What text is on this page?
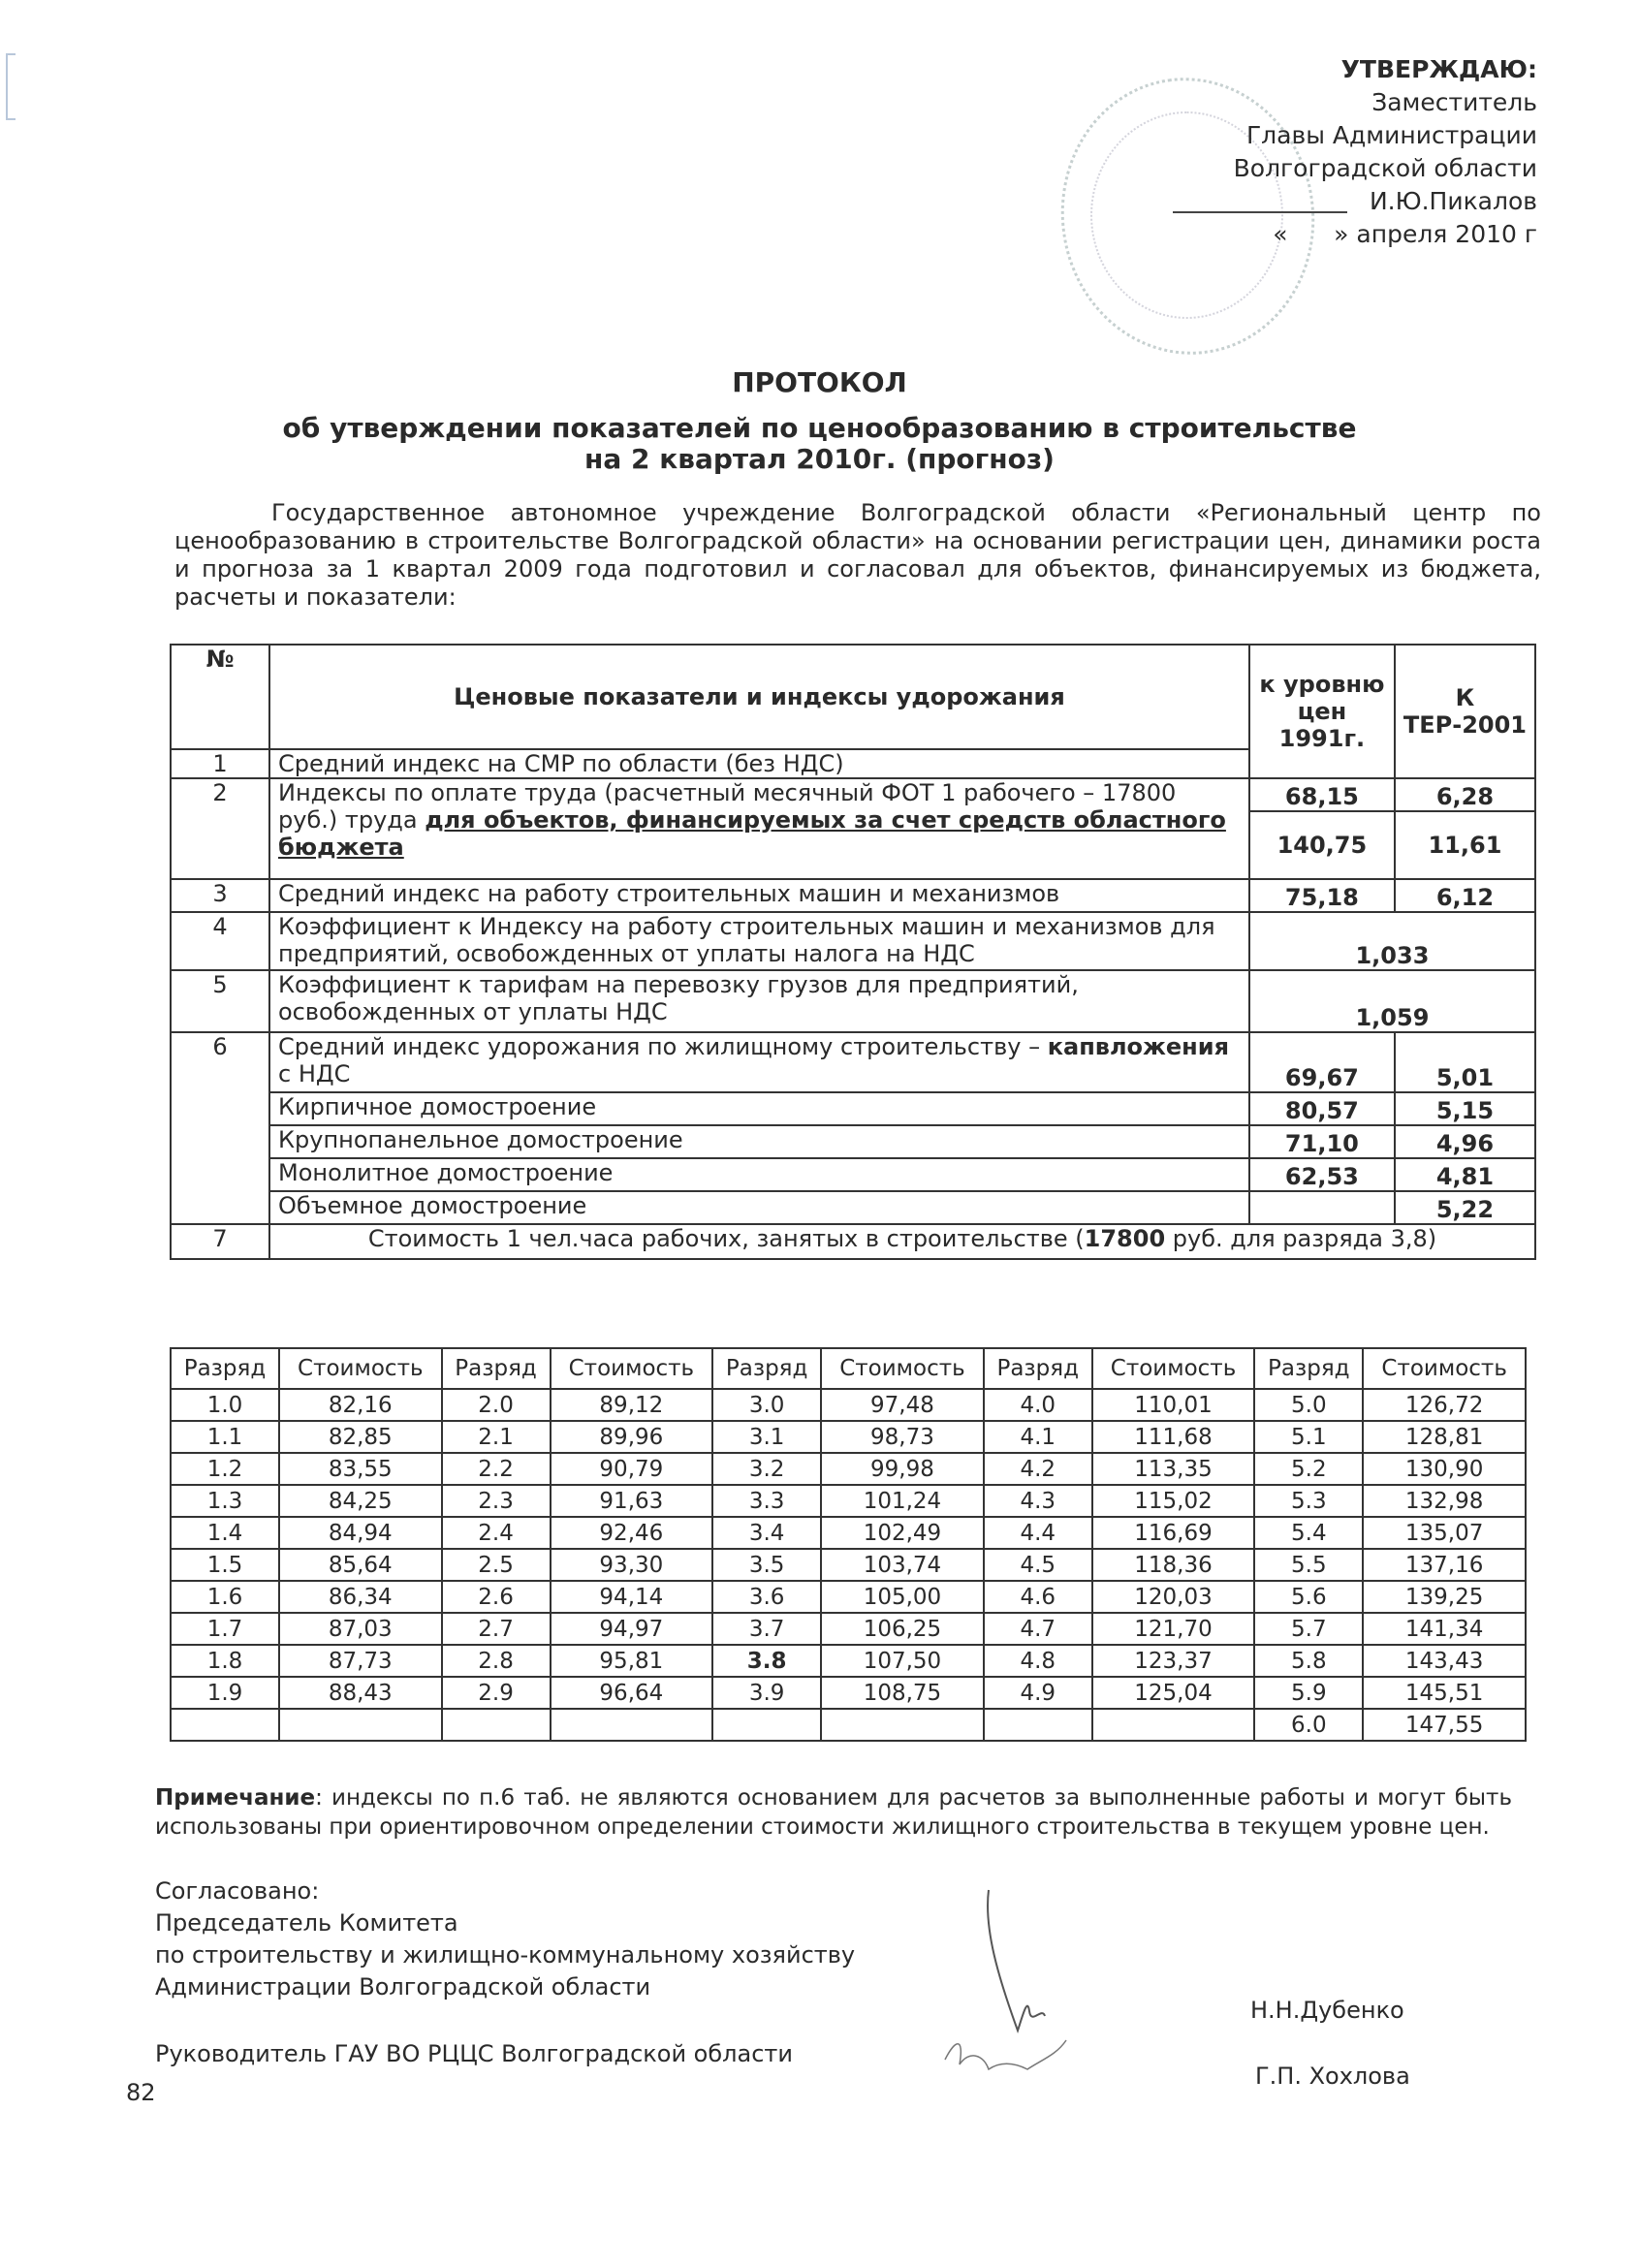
УТВЕРЖДАЮ:
Заместитель
Главы Администрации
Волгоградской области
И.Ю.Пикалов
«      » апреля 2010 г
ПРОТОКОЛ
об утверждении показателей по ценообразованию в строительстве
на 2 квартал 2010г. (прогноз)

Государственное автономное учреждение Волгоградской области «Региональный центр по ценообразованию в строительстве Волгоградской области» на основании регистрации цен, динамики роста и прогноза за 1 квартал 2009 года подготовил и согласовал для объектов, финансируемых из бюджета, расчеты и показатели:

№	Ценовые показатели и индексы удорожания	к уровню цен 1991г.	К ТЕР-2001
1	Средний индекс на СМР по области (без НДС)		
2	Индексы по оплате труда (расчетный месячный ФОТ 1 рабочего – 17800 руб.) труда для объектов, финансируемых за счет средств областного бюджета	68,15	6,28
		140,75	11,61
3	Средний индекс на работу строительных машин и механизмов	75,18	6,12
4	Коэффициент к Индексу на работу строительных машин и механизмов для предприятий, освобожденных от уплаты налога на НДС	1,033	
5	Коэффициент к тарифам на перевозку грузов для предприятий, освобожденных от уплаты НДС	1,059	
6	Средний индекс удорожания по жилищному строительству – капвложения с НДС	69,67	5,01
	Кирпичное домостроение	80,57	5,15
	Крупнопанельное домостроение	71,10	4,96
	Монолитное домостроение	62,53	4,81
	Объемное домостроение		5,22
7	Стоимость 1 чел.часа рабочих, занятых в строительстве (17800 руб. для разряда 3,8)		
Разряд	Стоимость	Разряд	Стоимость	Разряд	Стоимость	Разряд	Стоимость	Разряд	Стоимость
1.0	82,16	2.0	89,12	3.0	97,48	4.0	110,01	5.0	126,72
1.1	82,85	2.1	89,96	3.1	98,73	4.1	111,68	5.1	128,81
1.2	83,55	2.2	90,79	3.2	99,98	4.2	113,35	5.2	130,90
1.3	84,25	2.3	91,63	3.3	101,24	4.3	115,02	5.3	132,98
1.4	84,94	2.4	92,46	3.4	102,49	4.4	116,69	5.4	135,07
1.5	85,64	2.5	93,30	3.5	103,74	4.5	118,36	5.5	137,16
1.6	86,34	2.6	94,14	3.6	105,00	4.6	120,03	5.6	139,25
1.7	87,03	2.7	94,97	3.7	106,25	4.7	121,70	5.7	141,34
1.8	87,73	2.8	95,81	3.8	107,50	4.8	123,37	5.8	143,43
1.9	88,43	2.9	96,64	3.9	108,75	4.9	125,04	5.9	145,51
								6.0	147,55
Примечание: индексы по п.6 таб. не являются основанием для расчетов за выполненные работы и могут быть использованы при ориентировочном определении стоимости жилищного строительства в текущем уровне цен.
Согласовано:
Председатель Комитета
по строительству и жилищно-коммунальному хозяйству
Администрации Волгоградской области
Руководитель ГАУ ВО РЦЦС Волгоградской области
Н.Н.Дубенко
Г.П. Хохлова
82
